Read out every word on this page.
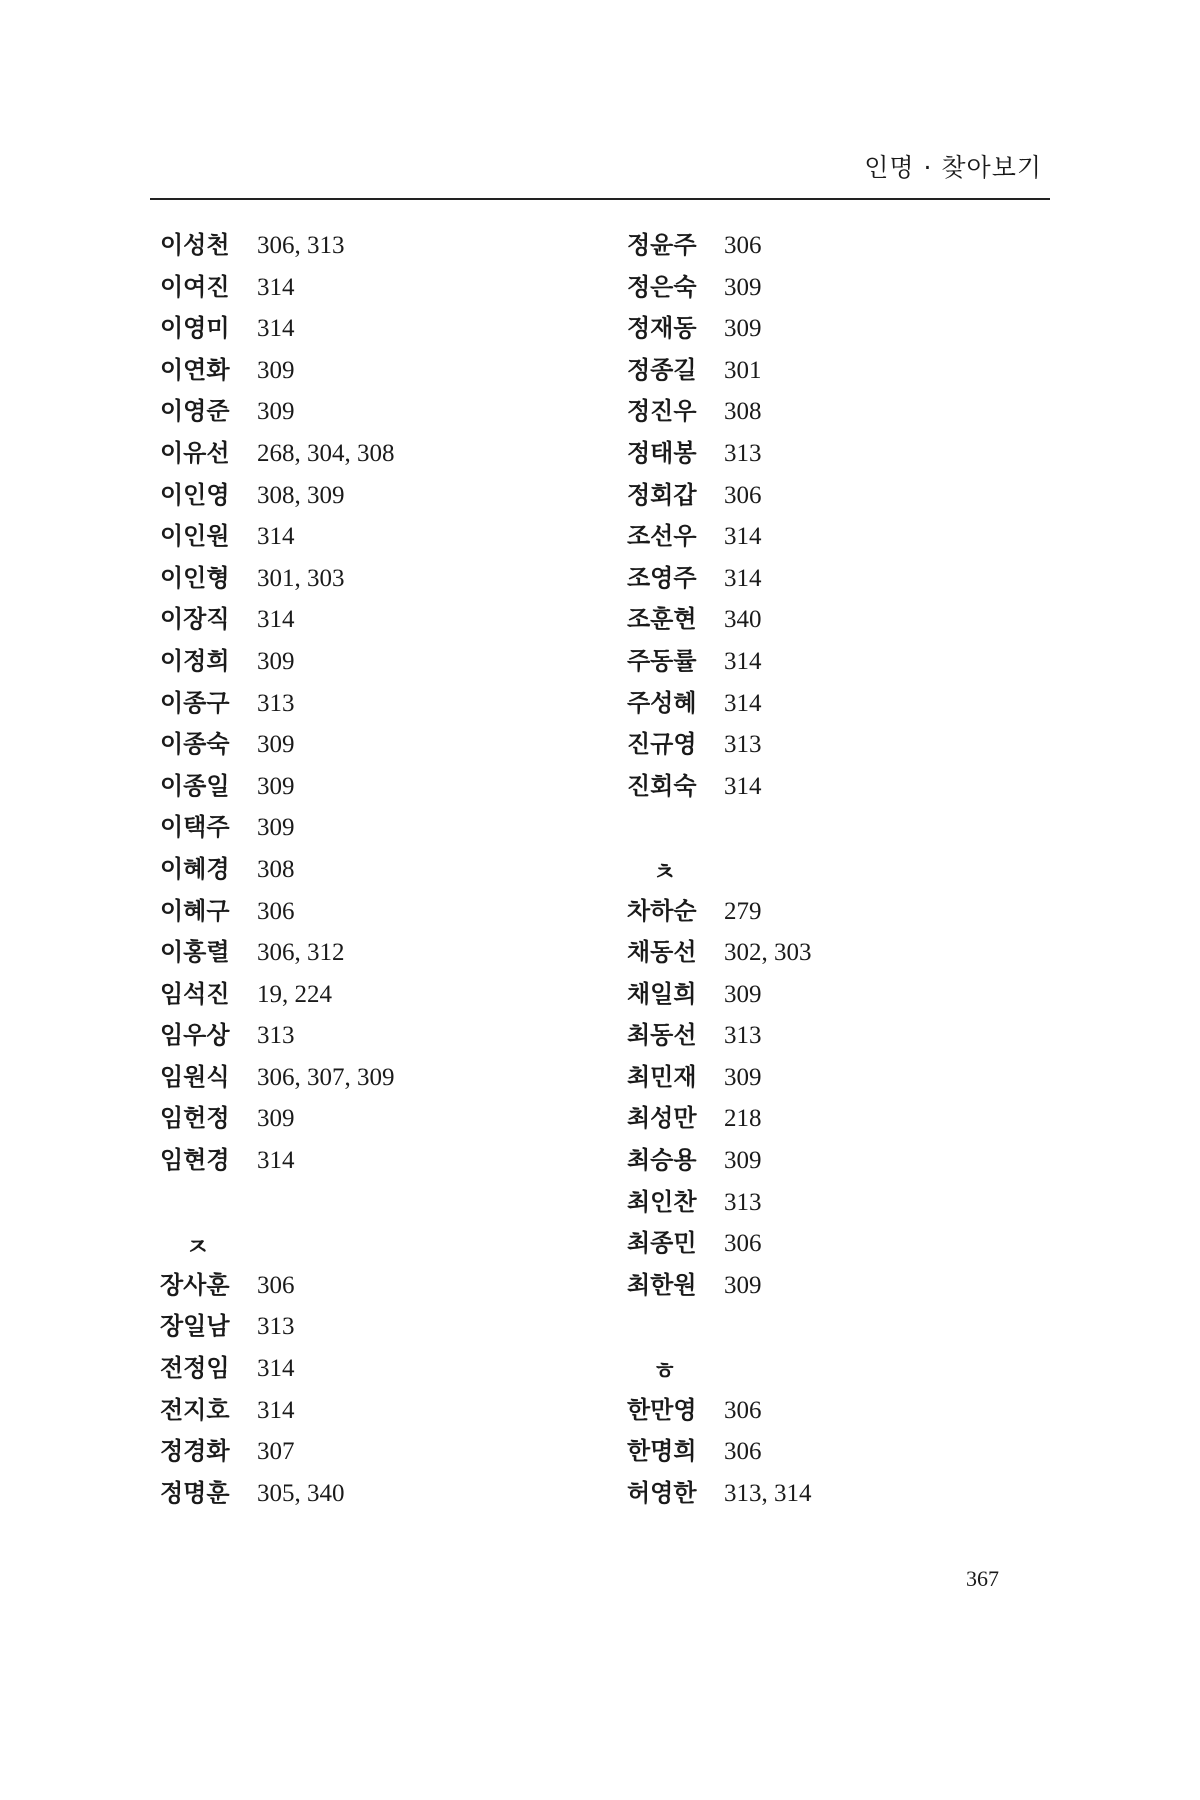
인명 · 찾아보기
이성천	306, 313
이여진	314
이영미	314
이연화	309
이영준	309
이유선	268, 304, 308
이인영	308, 309
이인원	314
이인형	301, 303
이장직	314
이정희	309
이종구	313
이종숙	309
이종일	309
이택주	309
이혜경	308
이혜구	306
이홍렬	306, 312
임석진	19, 224
임우상	313
임원식	306, 307, 309
임헌정	309
임현경	314
ㅈ
장사훈	306
장일남	313
전정임	314
전지호	314
정경화	307
정명훈	305, 340
정윤주	306
정은숙	309
정재동	309
정종길	301
정진우	308
정태봉	313
정회갑	306
조선우	314
조영주	314
조훈현	340
주동률	314
주성혜	314
진규영	313
진회숙	314
ㅊ
차하순	279
채동선	302, 303
채일희	309
최동선	313
최민재	309
최성만	218
최승용	309
최인찬	313
최종민	306
최한원	309
ㅎ
한만영	306
한명희	306
허영한	313, 314
367
